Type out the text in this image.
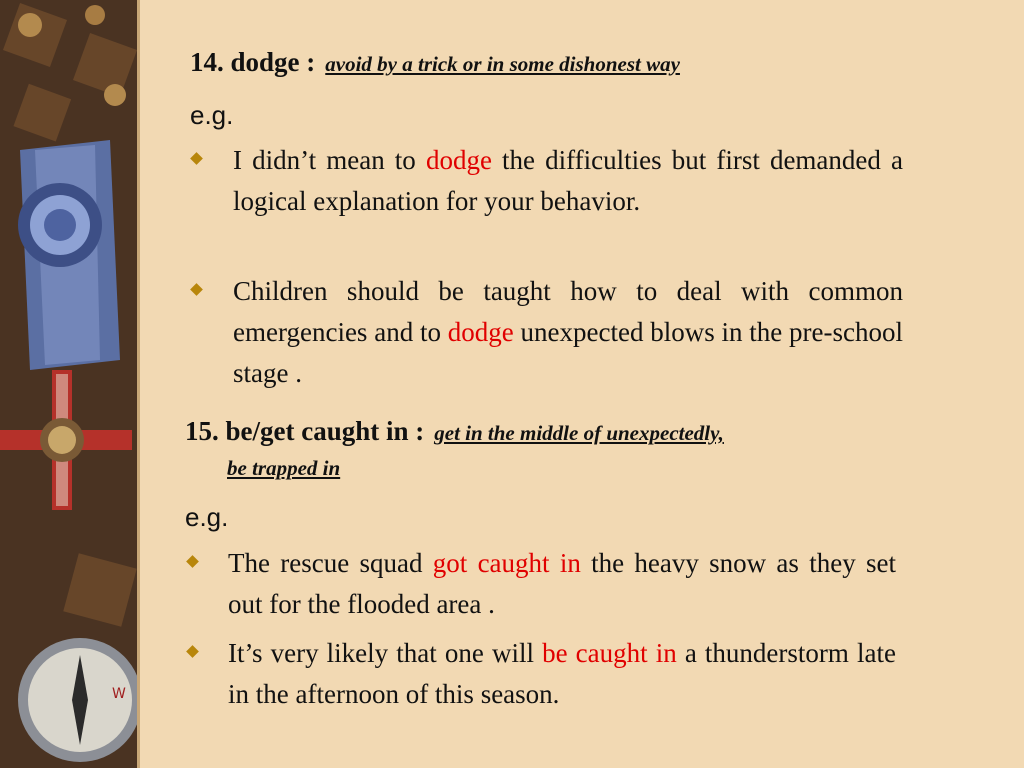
W
14. dodge : avoid by a trick or in some dishonest way
e.g.
I didn’t mean to dodge the difficulties but first demanded a logical explanation for your behavior.
Children should be taught how to deal with common emergencies and to dodge unexpected blows in the pre-school stage .
15. be/get caught in : get in the middle of unexpectedly,
be trapped in
e.g.
The rescue squad got caught in the heavy snow as they set out for the flooded area .
It’s very likely that one will be caught in a thunderstorm late in the afternoon of this season.
